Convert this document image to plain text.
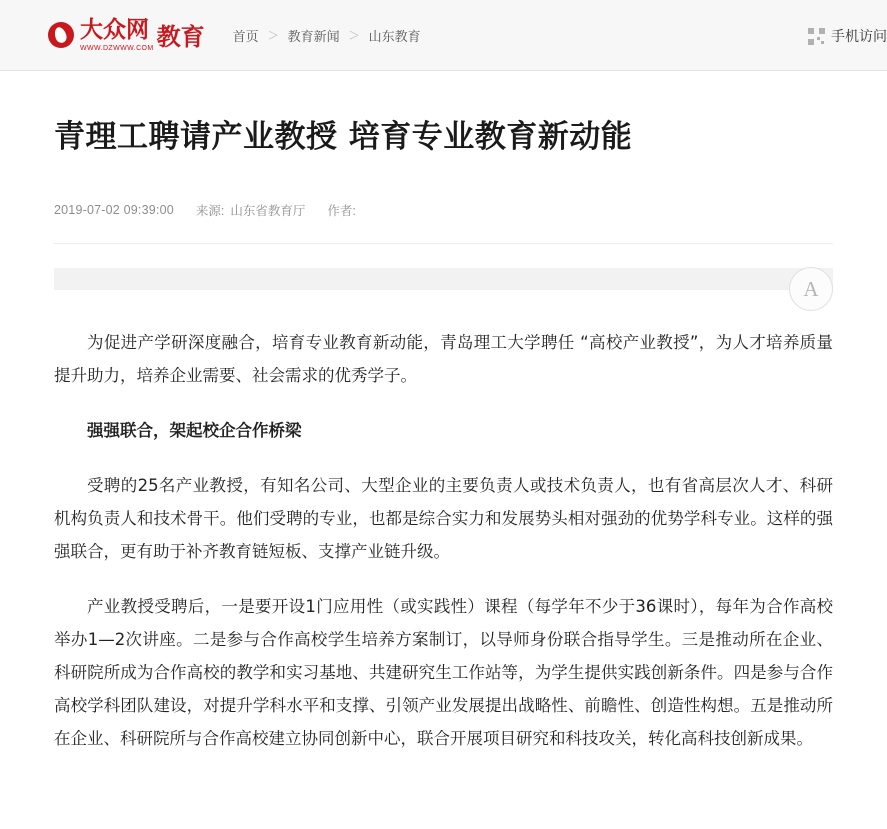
大众网
WWW.DZWWW.COM 教育 首页 ＞ 教育新闻 ＞ 山东教育	手机访问
青理工聘请产业教授 培育专业教育新动能
2019-07-02 09:39:00 来源: 山东省教育厅 作者:
A

为促进产学研深度融合，培育专业教育新动能，青岛理工大学聘任 “高校产业教授”，为人才培养质量提升助力，培养企业需要、社会需求的优秀学子。

强强联合，架起校企合作桥梁

受聘的25名产业教授，有知名公司、大型企业的主要负责人或技术负责人，也有省高层次人才、科研机构负责人和技术骨干。他们受聘的专业，也都是综合实力和发展势头相对强劲的优势学科专业。这样的强强联合，更有助于补齐教育链短板、支撑产业链升级。

产业教授受聘后，一是要开设1门应用性（或实践性）课程（每学年不少于36课时），每年为合作高校举办1—2次讲座。二是参与合作高校学生培养方案制订，以导师身份联合指导学生。三是推动所在企业、科研院所成为合作高校的教学和实习基地、共建研究生工作站等，为学生提供实践创新条件。四是参与合作高校学科团队建设，对提升学科水平和支撑、引领产业发展提出战略性、前瞻性、创造性构想。五是推动所在企业、科研院所与合作高校建立协同创新中心，联合开展项目研究和科技攻关，转化高科技创新成果。
